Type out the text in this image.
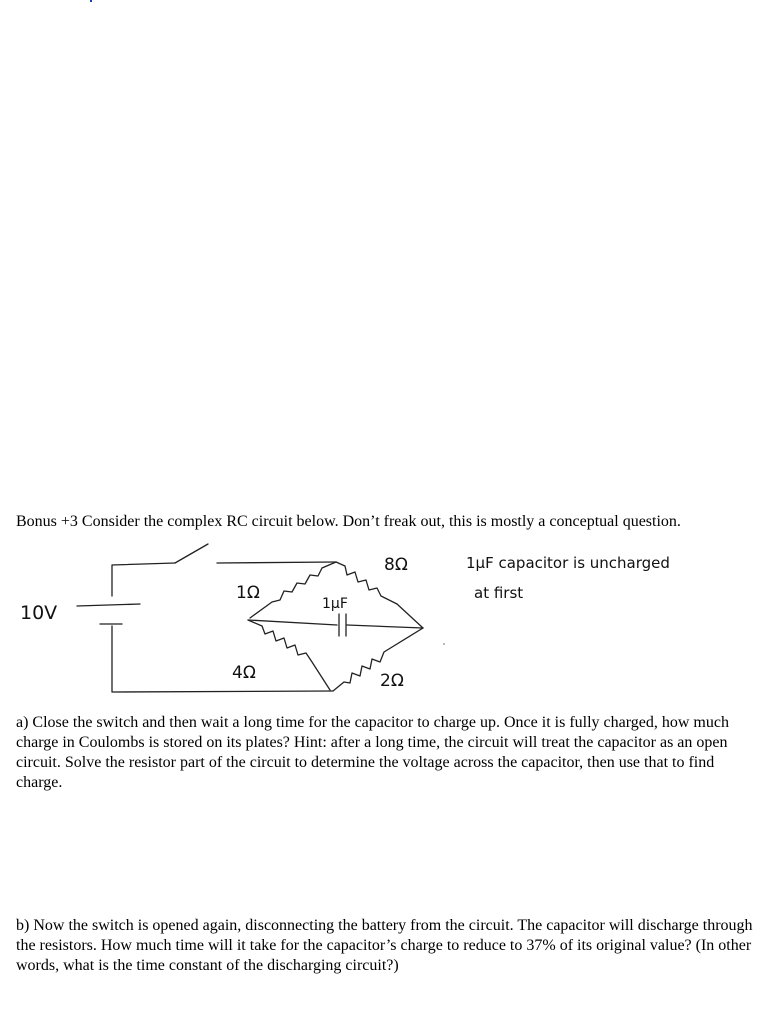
Bonus +3 Consider the complex RC circuit below. Don’t freak out, this is mostly a conceptual question.
10V
1Ω
8Ω
1μF
4Ω	2Ω
1μF capacitor is uncharged
at first

a) Close the switch and then wait a long time for the capacitor to charge up. Once it is fully charged, how much charge in Coulombs is stored on its plates? Hint: after a long time, the circuit will treat the capacitor as an open circuit. Solve the resistor part of the circuit to determine the voltage across the capacitor, then use that to find charge.

b) Now the switch is opened again, disconnecting the battery from the circuit. The capacitor will discharge through the resistors. How much time will it take for the capacitor’s charge to reduce to 37% of its original value? (In other words, what is the time constant of the discharging circuit?)
